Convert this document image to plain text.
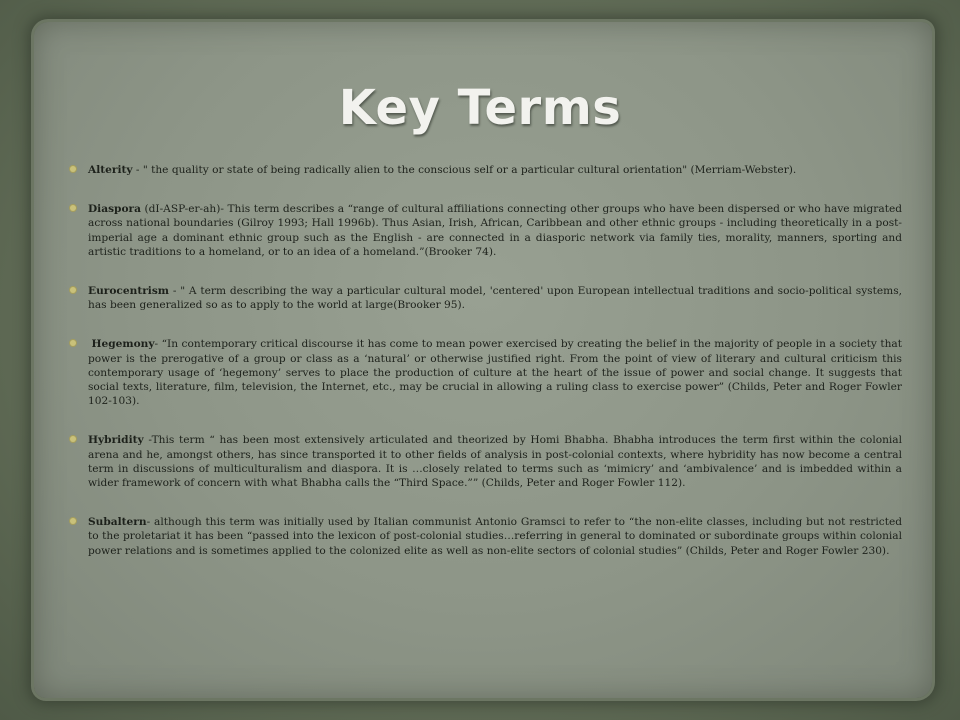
Key Terms
Alterity - " the quality or state of being radically alien to the conscious self or a particular cultural orientation" (Merriam-Webster).
Diaspora (dI-ASP-er-ah)- This term describes a “range of cultural affiliations connecting other groups who have been dispersed or who have migrated across national boundaries (Gilroy 1993; Hall 1996b). Thus Asian, Irish, African, Caribbean and other ethnic groups - including theoretically in a post-imperial age a dominant ethnic group such as the English - are connected in a diasporic network via family ties, morality, manners, sporting and artistic traditions to a homeland, or to an idea of a homeland.”(Brooker 74).
Eurocentrism - " A term describing the way a particular cultural model, 'centered' upon European intellectual traditions and socio-political systems, has been generalized so as to apply to the world at large(Brooker 95).
Hegemony- “In contemporary critical discourse it has come to mean power exercised by creating the belief in the majority of people in a society that power is the prerogative of a group or class as a ‘natural’ or otherwise justified right. From the point of view of literary and cultural criticism this contemporary usage of ‘hegemony’ serves to place the production of culture at the heart of the issue of power and social change. It suggests that social texts, literature, film, television, the Internet, etc., may be crucial in allowing a ruling class to exercise power” (Childs, Peter and Roger Fowler 102-103).
Hybridity -This term “ has been most extensively articulated and theorized by Homi Bhabha. Bhabha introduces the term first within the colonial arena and he, amongst others, has since transported it to other fields of analysis in post-colonial contexts, where hybridity has now become a central term in discussions of multiculturalism and diaspora. It is …closely related to terms such as ‘mimicry’ and ‘ambivalence’ and is imbedded within a wider framework of concern with what Bhabha calls the “Third Space.”” (Childs, Peter and Roger Fowler 112).
Subaltern- although this term was initially used by Italian communist Antonio Gramsci to refer to “the non-elite classes, including but not restricted to the proletariat it has been “passed into the lexicon of post-colonial studies…referring in general to dominated or subordinate groups within colonial power relations and is sometimes applied to the colonized elite as well as non-elite sectors of colonial studies” (Childs, Peter and Roger Fowler 230).
